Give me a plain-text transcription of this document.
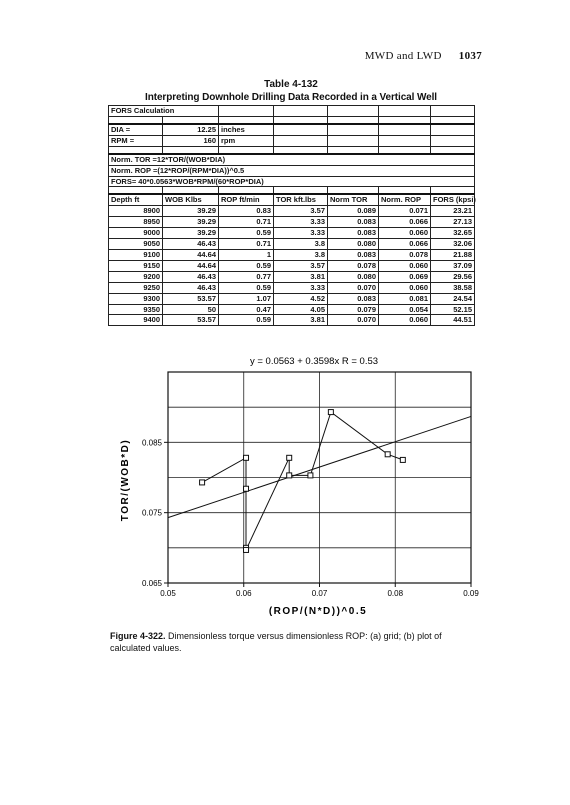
MWD and LWD 1037
Table 4-132
Interpreting Downhole Drilling Data Recorded in a Vertical Well
FORS Calculation						

DIA =	12.25	inches				
RPM =	160	rpm				

Norm. TOR =12*TOR/(WOB*DIA)						
Norm. ROP =(12*ROP/(RPM*DIA))^0.5						
FORS= 40*0.0563*WOB*RPM/(60*ROP*DIA)						

Depth ft	WOB Klbs	ROP ft/min	TOR kft.lbs	Norm TOR	Norm. ROP	FORS (kpsi)
8900	39.29	0.83	3.57	0.089	0.071	23.21
8950	39.29	0.71	3.33	0.083	0.066	27.13
9000	39.29	0.59	3.33	0.083	0.060	32.65
9050	46.43	0.71	3.8	0.080	0.066	32.06
9100	44.64	1	3.8	0.083	0.078	21.88
9150	44.64	0.59	3.57	0.078	0.060	37.09
9200	46.43	0.77	3.81	0.080	0.069	29.56
9250	46.43	0.59	3.33	0.070	0.060	38.58
9300	53.57	1.07	4.52	0.083	0.081	24.54
9350	50	0.47	4.05	0.079	0.054	52.15
9400	53.57	0.59	3.81	0.070	0.060	44.51
y = 0.0563 + 0.3598x R = 0.53
0.05	0.06	0.07	0.08	0.09
0.065
0.075
0.085
(ROP/(N*D))^0.5
TOR/(WOB*D)
Figure 4-322. Dimensionless torque versus dimensionless ROP: (a) grid; (b) plot of calculated values.
